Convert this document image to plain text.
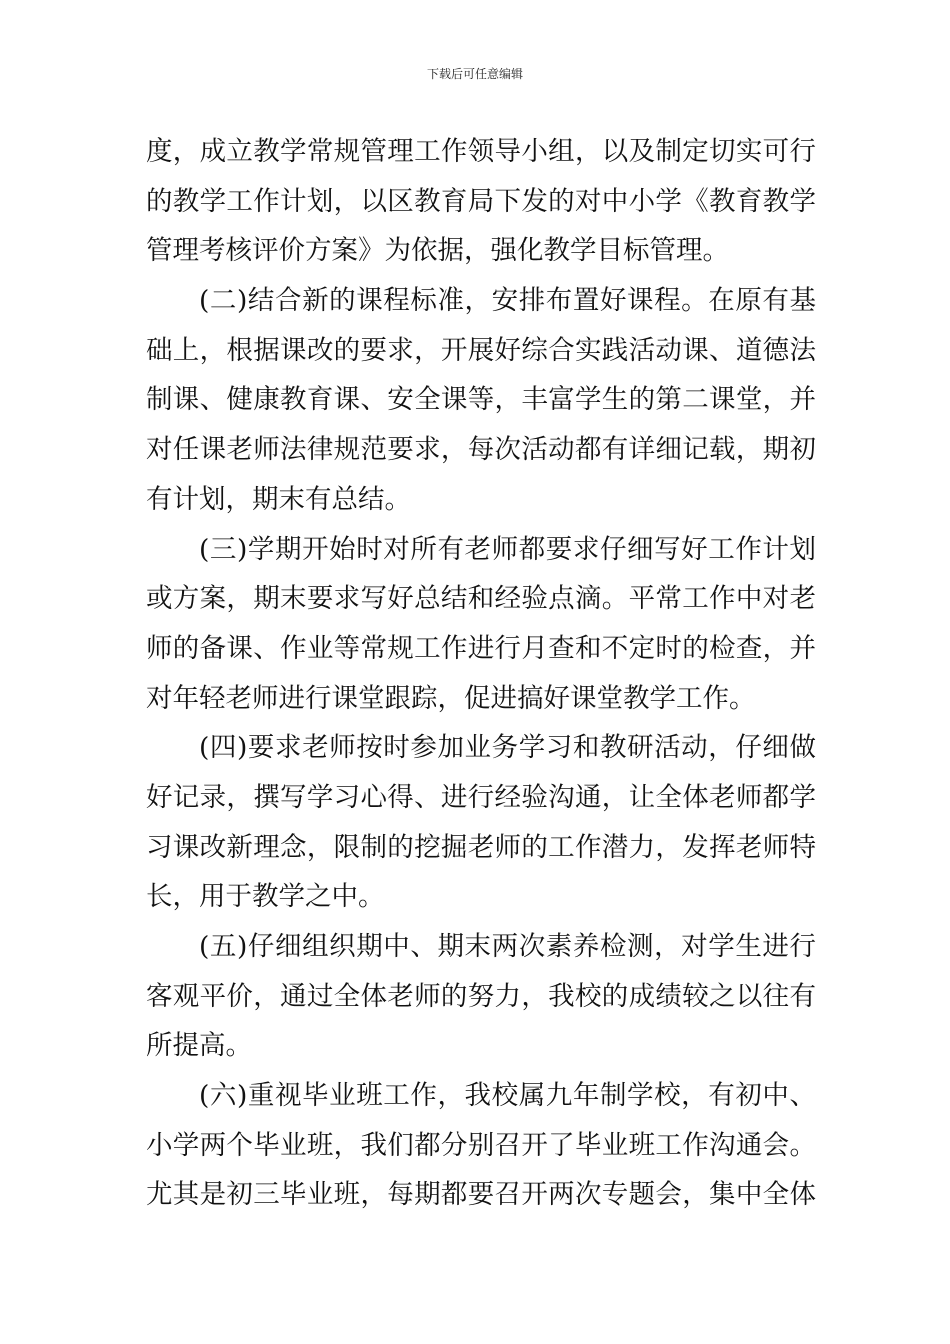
下载后可任意编辑
度，成立教学常规管理工作领导小组，以及制定切实可行
的教学工作计划，以区教育局下发的对中小学《教育教学
管理考核评价方案》为依据，强化教学目标管理。
(二)结合新的课程标准，安排布置好课程。在原有基
础上，根据课改的要求，开展好综合实践活动课、道德法
制课、健康教育课、安全课等，丰富学生的第二课堂，并
对任课老师法律规范要求，每次活动都有详细记载，期初
有计划，期末有总结。
(三)学期开始时对所有老师都要求仔细写好工作计划
或方案，期末要求写好总结和经验点滴。平常工作中对老
师的备课、作业等常规工作进行月查和不定时的检查，并
对年轻老师进行课堂跟踪，促进搞好课堂教学工作。
(四)要求老师按时参加业务学习和教研活动，仔细做
好记录，撰写学习心得、进行经验沟通，让全体老师都学
习课改新理念，限制的挖掘老师的工作潜力，发挥老师特
长，用于教学之中。
(五)仔细组织期中、期末两次素养检测，对学生进行
客观平价，通过全体老师的努力，我校的成绩较之以往有
所提高。
(六)重视毕业班工作，我校属九年制学校，有初中、
小学两个毕业班，我们都分别召开了毕业班工作沟通会。
尤其是初三毕业班，每期都要召开两次专题会，集中全体
